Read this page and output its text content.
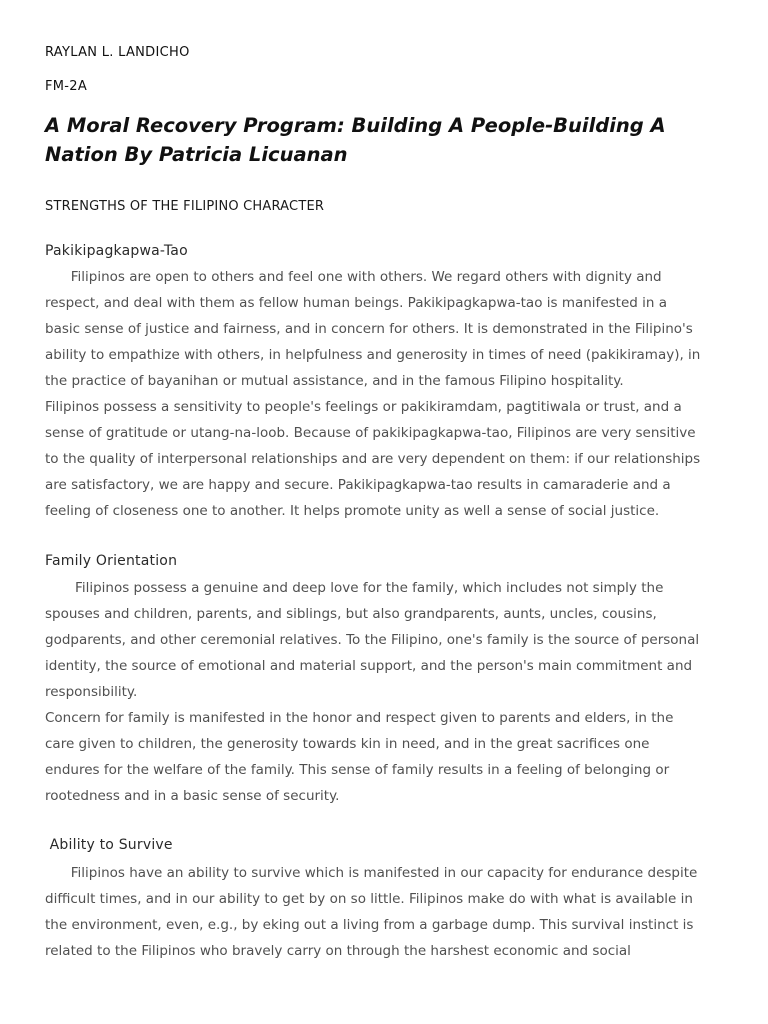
RAYLAN L. LANDICHO
FM-2A
A Moral Recovery Program: Building A People-Building A
Nation By Patricia Licuanan
STRENGTHS OF THE FILIPINO CHARACTER
Pakikipagkapwa-Tao
Filipinos are open to others and feel one with others. We regard others with dignity and
respect, and deal with them as fellow human beings. Pakikipagkapwa-tao is manifested in a
basic sense of justice and fairness, and in concern for others. It is demonstrated in the Filipino's
ability to empathize with others, in helpfulness and generosity in times of need (pakikiramay), in
the practice of bayanihan or mutual assistance, and in the famous Filipino hospitality.
Filipinos possess a sensitivity to people's feelings or pakikiramdam, pagtitiwala or trust, and a
sense of gratitude or utang-na-loob. Because of pakikipagkapwa-tao, Filipinos are very sensitive
to the quality of interpersonal relationships and are very dependent on them: if our relationships
are satisfactory, we are happy and secure. Pakikipagkapwa-tao results in camaraderie and a
feeling of closeness one to another. It helps promote unity as well a sense of social justice.
Family Orientation
Filipinos possess a genuine and deep love for the family, which includes not simply the
spouses and children, parents, and siblings, but also grandparents, aunts, uncles, cousins,
godparents, and other ceremonial relatives. To the Filipino, one's family is the source of personal
identity, the source of emotional and material support, and the person's main commitment and
responsibility.
Concern for family is manifested in the honor and respect given to parents and elders, in the
care given to children, the generosity towards kin in need, and in the great sacrifices one
endures for the welfare of the family. This sense of family results in a feeling of belonging or
rootedness and in a basic sense of security.
Ability to Survive
Filipinos have an ability to survive which is manifested in our capacity for endurance despite
difficult times, and in our ability to get by on so little. Filipinos make do with what is available in
the environment, even, e.g., by eking out a living from a garbage dump. This survival instinct is
related to the Filipinos who bravely carry on through the harshest economic and social
